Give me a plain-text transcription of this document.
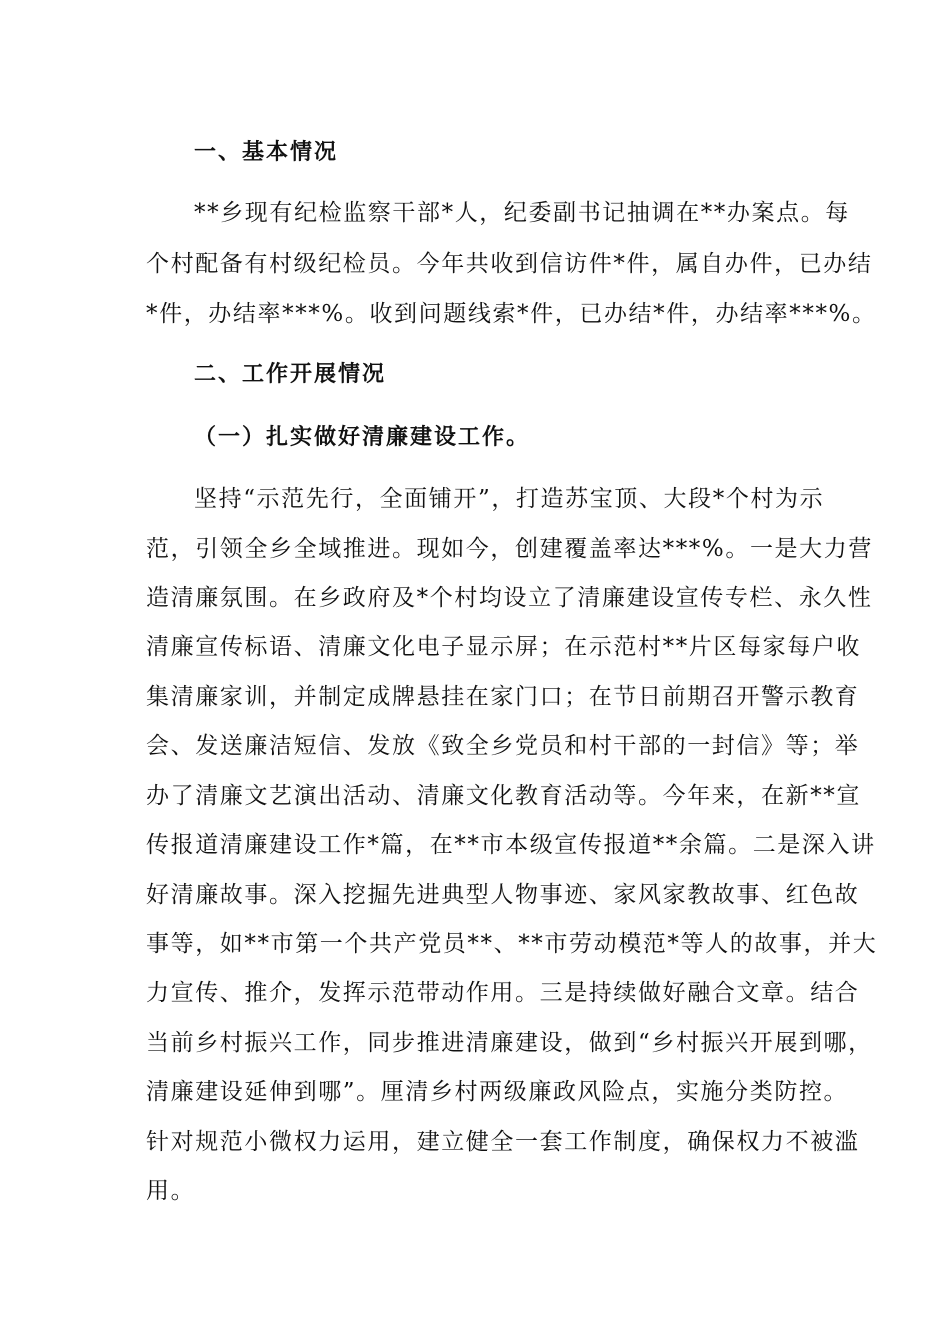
一、基本情况
**乡现有纪检监察干部*人，纪委副书记抽调在**办案点。每
个村配备有村级纪检员。今年共收到信访件*件，属自办件，已办结
*件，办结率***%。收到问题线索*件，已办结*件，办结率***%。
二、工作开展情况
（一）扎实做好清廉建设工作。
坚持“示范先行，全面铺开”，打造苏宝顶、大段*个村为示
范，引领全乡全域推进。现如今，创建覆盖率达***%。一是大力营
造清廉氛围。在乡政府及*个村均设立了清廉建设宣传专栏、永久性
清廉宣传标语、清廉文化电子显示屏；在示范村**片区每家每户收
集清廉家训，并制定成牌悬挂在家门口；在节日前期召开警示教育
会、发送廉洁短信、发放《致全乡党员和村干部的一封信》等；举
办了清廉文艺演出活动、清廉文化教育活动等。今年来，在新**宣
传报道清廉建设工作*篇，在**市本级宣传报道**余篇。二是深入讲
好清廉故事。深入挖掘先进典型人物事迹、家风家教故事、红色故
事等，如**市第一个共产党员**、**市劳动模范*等人的故事，并大
力宣传、推介，发挥示范带动作用。三是持续做好融合文章。结合
当前乡村振兴工作，同步推进清廉建设，做到“乡村振兴开展到哪，
清廉建设延伸到哪”。厘清乡村两级廉政风险点，实施分类防控。
针对规范小微权力运用，建立健全一套工作制度，确保权力不被滥
用。
